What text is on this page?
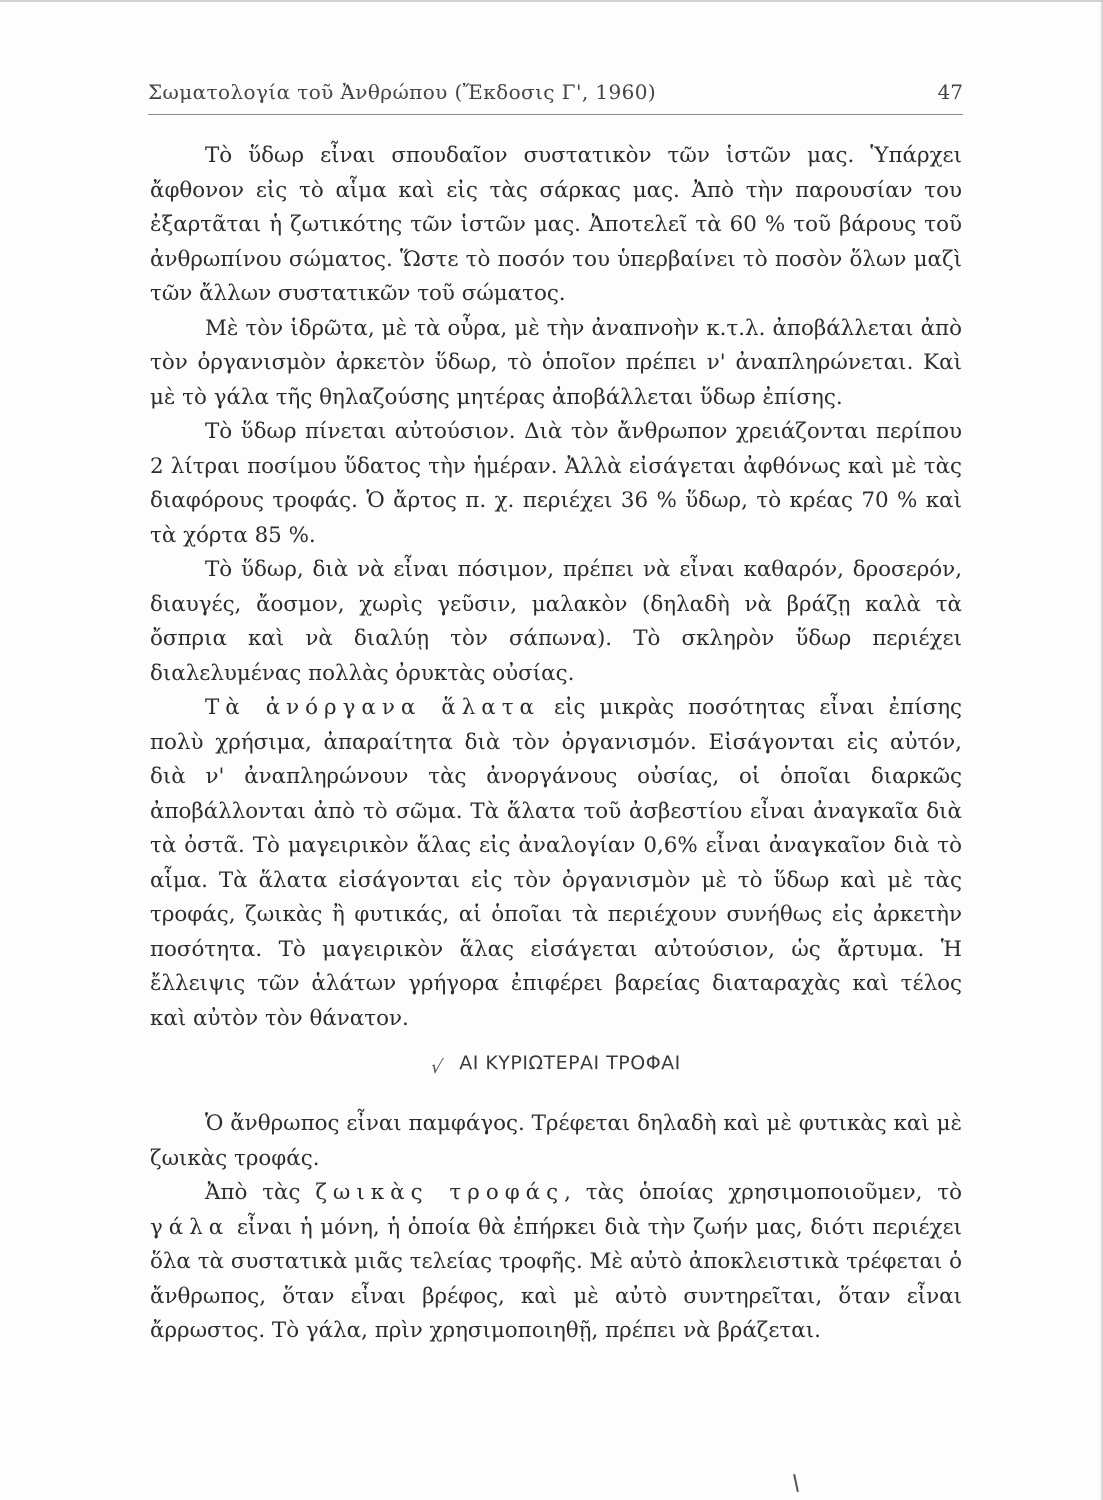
Σωματολογία τοῦ Ἀνθρώπου (Ἔκδοσις Γ', 1960)	47

Τὸ ὕδωρ εἶναι σπουδαῖον συστατικὸν τῶν ἱστῶν μας. Ὑπάρχει ἄφθονον εἰς τὸ αἷμα καὶ εἰς τὰς σάρκας μας. Ἀπὸ τὴν παρουσίαν του ἐξαρτᾶται ἡ ζωτικότης τῶν ἱστῶν μας. Ἀποτελεῖ τὰ 60 % τοῦ βάρους τοῦ ἀνθρωπίνου σώματος. Ὥστε τὸ ποσόν του ὑπερβαίνει τὸ ποσὸν ὅλων μαζὶ τῶν ἄλλων συστατικῶν τοῦ σώματος.

Μὲ τὸν ἱδρῶτα, μὲ τὰ οὖρα, μὲ τὴν ἀναπνοὴν κ.τ.λ. ἀποβάλλεται ἀπὸ τὸν ὀργανισμὸν ἀρκετὸν ὕδωρ, τὸ ὁποῖον πρέπει ν' ἀναπληρώνεται. Καὶ μὲ τὸ γάλα τῆς θηλαζούσης μητέρας ἀποβάλλεται ὕδωρ ἐπίσης.

Τὸ ὕδωρ πίνεται αὐτούσιον. Διὰ τὸν ἄνθρωπον χρειάζονται περίπου 2 λίτραι ποσίμου ὕδατος τὴν ἡμέραν. Ἀλλὰ εἰσάγεται ἀφθόνως καὶ μὲ τὰς διαφόρους τροφάς. Ὁ ἄρτος π. χ. περιέχει 36 % ὕδωρ, τὸ κρέας 70 % καὶ τὰ χόρτα 85 %.

Τὸ ὕδωρ, διὰ νὰ εἶναι πόσιμον, πρέπει νὰ εἶναι καθαρόν, δροσερόν, διαυγές, ἄοσμον, χωρὶς γεῦσιν, μαλακὸν (δηλαδὴ νὰ βράζῃ καλὰ τὰ ὄσπρια καὶ νὰ διαλύῃ τὸν σάπωνα). Τὸ σκληρὸν ὕδωρ περιέχει διαλελυμένας πολλὰς ὀρυκτὰς οὐσίας.

Τὰ ἀνόργανα ἅλατα εἰς μικρὰς ποσότητας εἶναι ἐπίσης πολὺ χρήσιμα, ἀπαραίτητα διὰ τὸν ὀργανισμόν. Εἰσάγονται εἰς αὐτόν, διὰ ν' ἀναπληρώνουν τὰς ἀνοργάνους οὐσίας, οἱ ὁποῖαι διαρκῶς ἀποβάλλονται ἀπὸ τὸ σῶμα. Τὰ ἅλατα τοῦ ἀσβεστίου εἶναι ἀναγκαῖα διὰ τὰ ὀστᾶ. Τὸ μαγειρικὸν ἅλας εἰς ἀναλογίαν 0,6% εἶναι ἀναγκαῖον διὰ τὸ αἷμα. Τὰ ἅλατα εἰσάγονται εἰς τὸν ὀργανισμὸν μὲ τὸ ὕδωρ καὶ μὲ τὰς τροφάς, ζωικὰς ἢ φυτικάς, αἱ ὁποῖαι τὰ περιέχουν συνήθως εἰς ἀρκετὴν ποσότητα. Τὸ μαγειρικὸν ἅλας εἰσάγεται αὐτούσιον, ὡς ἄρτυμα. Ἡ ἔλλειψις τῶν ἁλάτων γρήγορα ἐπιφέρει βαρείας διαταραχὰς καὶ τέλος καὶ αὐτὸν τὸν θάνατον.

√ ΑΙ ΚΥΡΙΩΤΕΡΑΙ ΤΡΟΦΑΙ

Ὁ ἄνθρωπος εἶναι παμφάγος. Τρέφεται δηλαδὴ καὶ μὲ φυτικὰς καὶ μὲ ζωικὰς τροφάς.

Ἀπὸ τὰς ζωικὰς τροφάς, τὰς ὁποίας χρησιμοποιοῦμεν, τὸ γάλα εἶναι ἡ μόνη, ἡ ὁποία θὰ ἐπήρκει διὰ τὴν ζωήν μας, διότι περιέχει ὅλα τὰ συστατικὰ μιᾶς τελείας τροφῆς. Μὲ αὐτὸ ἀποκλειστικὰ τρέφεται ὁ ἄνθρωπος, ὅταν εἶναι βρέφος, καὶ μὲ αὐτὸ συντηρεῖται, ὅταν εἶναι ἄρρωστος. Τὸ γάλα, πρὶν χρησιμοποιηθῇ, πρέπει νὰ βράζεται.
